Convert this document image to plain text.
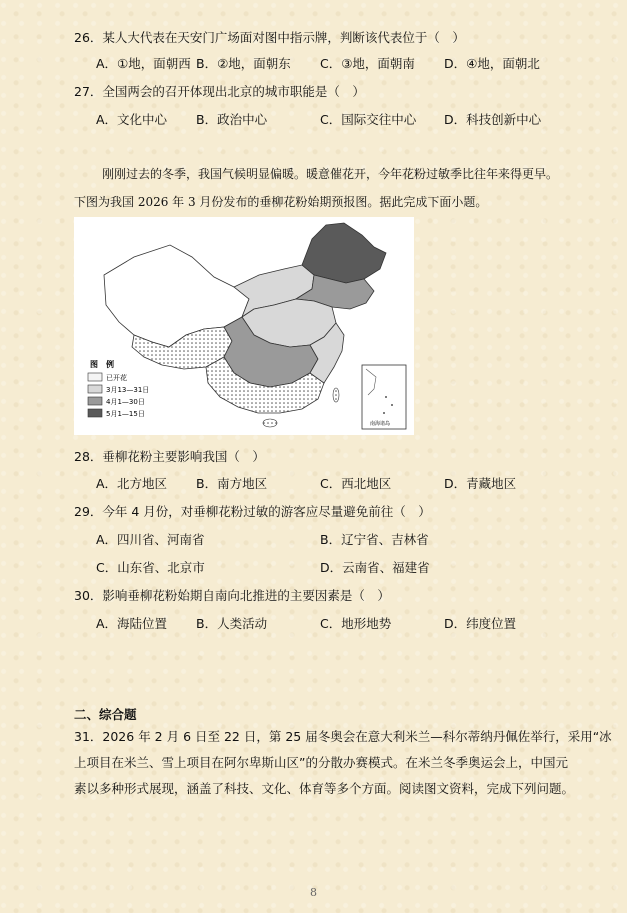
26．某人大代表在天安门广场面对图中指示牌，判断该代表位于（　）
A．①地，面朝西 B．②地，面朝东 C．③地，面朝南 D．④地，面朝北
27．全国两会的召开体现出北京的城市职能是（　）
A．文化中心 B．政治中心	C．国际交往中心 D．科技创新中心
刚刚过去的冬季，我国气候明显偏暖。暖意催花开，今年花粉过敏季比往年来得更早。
下图为我国 2026 年 3 月份发布的垂柳花粉始期预报图。据此完成下面小题。
图　例
已开花
3月13—31日
4月1—30日
5月1—15日
南海诸岛
28．垂柳花粉主要影响我国（　）
A．北方地区 B．南方地区	C．西北地区	D．青藏地区
29．今年 4 月份，对垂柳花粉过敏的游客应尽量避免前往（　）
A．四川省、河南省	B．辽宁省、吉林省
C．山东省、北京市	D．云南省、福建省
30．影响垂柳花粉始期自南向北推进的主要因素是（　）
A．海陆位置 B．人类活动	C．地形地势	D．纬度位置
二、综合题
31．2026 年 2 月 6 日至 22 日，第 25 届冬奥会在意大利米兰—科尔蒂纳丹佩佐举行，采用“冰
上项目在米兰、雪上项目在阿尔卑斯山区”的分散办赛模式。在米兰冬季奥运会上，中国元
素以多种形式展现，涵盖了科技、文化、体育等多个方面。阅读图文资料，完成下列问题。
8
